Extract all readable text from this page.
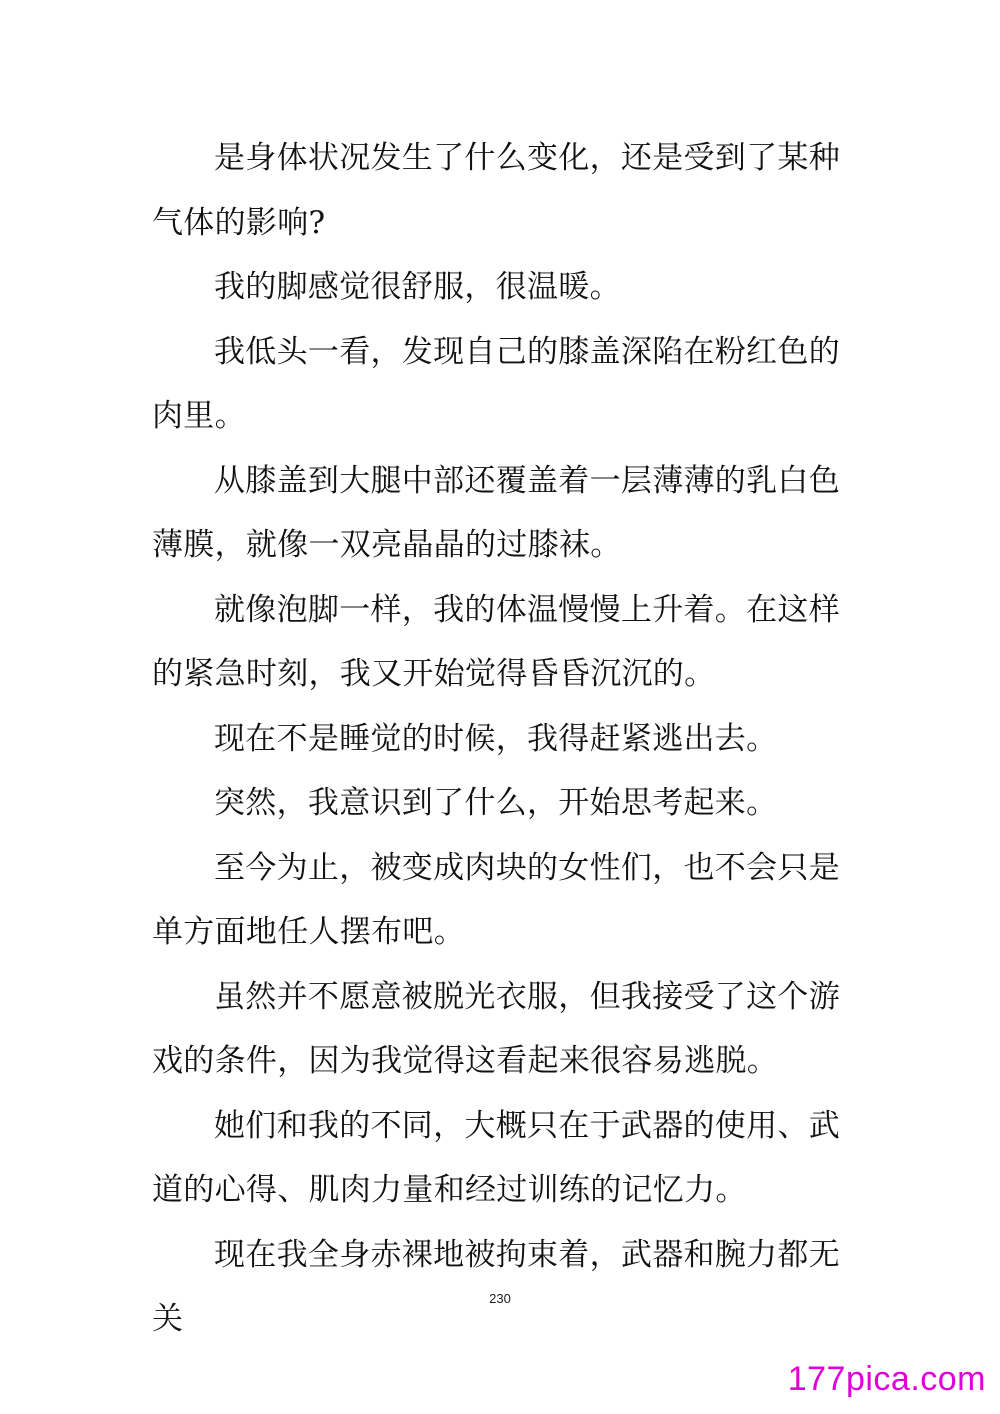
是身体状况发生了什么变化，还是受到了某种气体的影响?

我的脚感觉很舒服，很温暖。

我低头一看，发现自己的膝盖深陷在粉红色的肉里。

从膝盖到大腿中部还覆盖着一层薄薄的乳白色薄膜，就像一双亮晶晶的过膝袜。

就像泡脚一样，我的体温慢慢上升着。在这样的紧急时刻，我又开始觉得昏昏沉沉的。

现在不是睡觉的时候，我得赶紧逃出去。

突然，我意识到了什么，开始思考起来。

至今为止，被变成肉块的女性们，也不会只是单方面地任人摆布吧。

虽然并不愿意被脱光衣服，但我接受了这个游戏的条件，因为我觉得这看起来很容易逃脱。

她们和我的不同，大概只在于武器的使用、武道的心得、肌肉力量和经过训练的记忆力。

现在我全身赤裸地被拘束着，武器和腕力都无关

230
177pica.com
